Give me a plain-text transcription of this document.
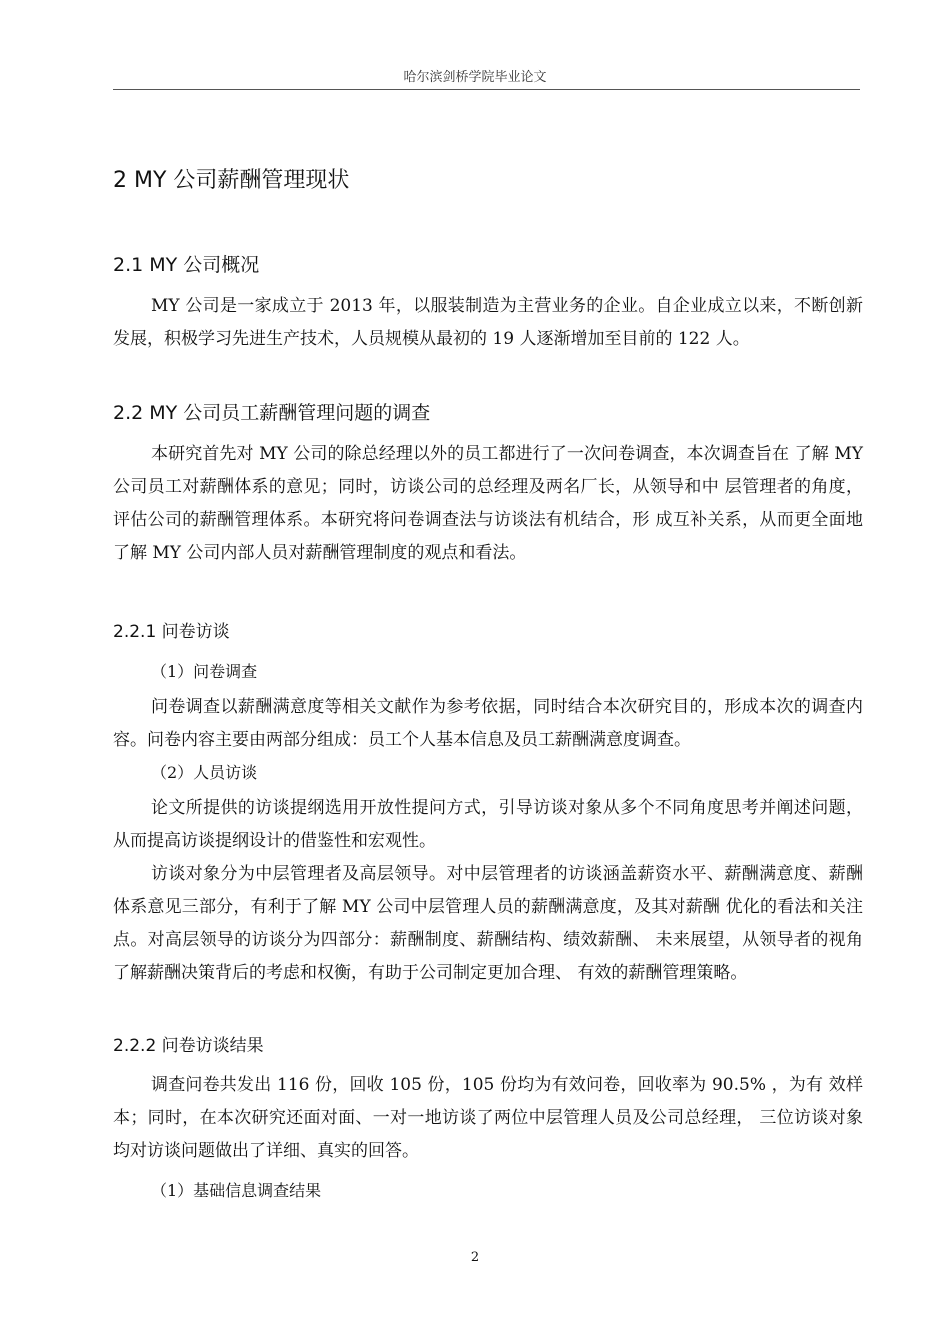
哈尔滨剑桥学院毕业论文
2 MY 公司薪酬管理现状
2.1 MY 公司概况
MY 公司是一家成立于 2013 年，以服装制造为主营业务的企业。自企业成立以来，不断创新发展，积极学习先进生产技术，人员规模从最初的 19 人逐渐增加至目前的 122 人。
2.2 MY 公司员工薪酬管理问题的调查
本研究首先对 MY 公司的除总经理以外的员工都进行了一次问卷调查，本次调查旨在 了解 MY 公司员工对薪酬体系的意见；同时，访谈公司的总经理及两名厂长，从领导和中 层管理者的角度，评估公司的薪酬管理体系。本研究将问卷调查法与访谈法有机结合，形 成互补关系，从而更全面地了解 MY 公司内部人员对薪酬管理制度的观点和看法。
2.2.1 问卷访谈
（1）问卷调查
问卷调查以薪酬满意度等相关文献作为参考依据，同时结合本次研究目的，形成本次的调查内容。问卷内容主要由两部分组成：员工个人基本信息及员工薪酬满意度调查。
（2）人员访谈
论文所提供的访谈提纲选用开放性提问方式，引导访谈对象从多个不同角度思考并阐述问题，从而提高访谈提纲设计的借鉴性和宏观性。
访谈对象分为中层管理者及高层领导。对中层管理者的访谈涵盖薪资水平、薪酬满意度、薪酬体系意见三部分，有利于了解 MY 公司中层管理人员的薪酬满意度，及其对薪酬 优化的看法和关注点。对高层领导的访谈分为四部分：薪酬制度、薪酬结构、绩效薪酬、 未来展望，从领导者的视角了解薪酬决策背后的考虑和权衡，有助于公司制定更加合理、 有效的薪酬管理策略。
2.2.2 问卷访谈结果
调查问卷共发出 116 份，回收 105 份，105 份均为有效问卷，回收率为 90.5% ，为有 效样本；同时，在本次研究还面对面、一对一地访谈了两位中层管理人员及公司总经理， 三位访谈对象均对访谈问题做出了详细、真实的回答。
（1）基础信息调查结果
2
